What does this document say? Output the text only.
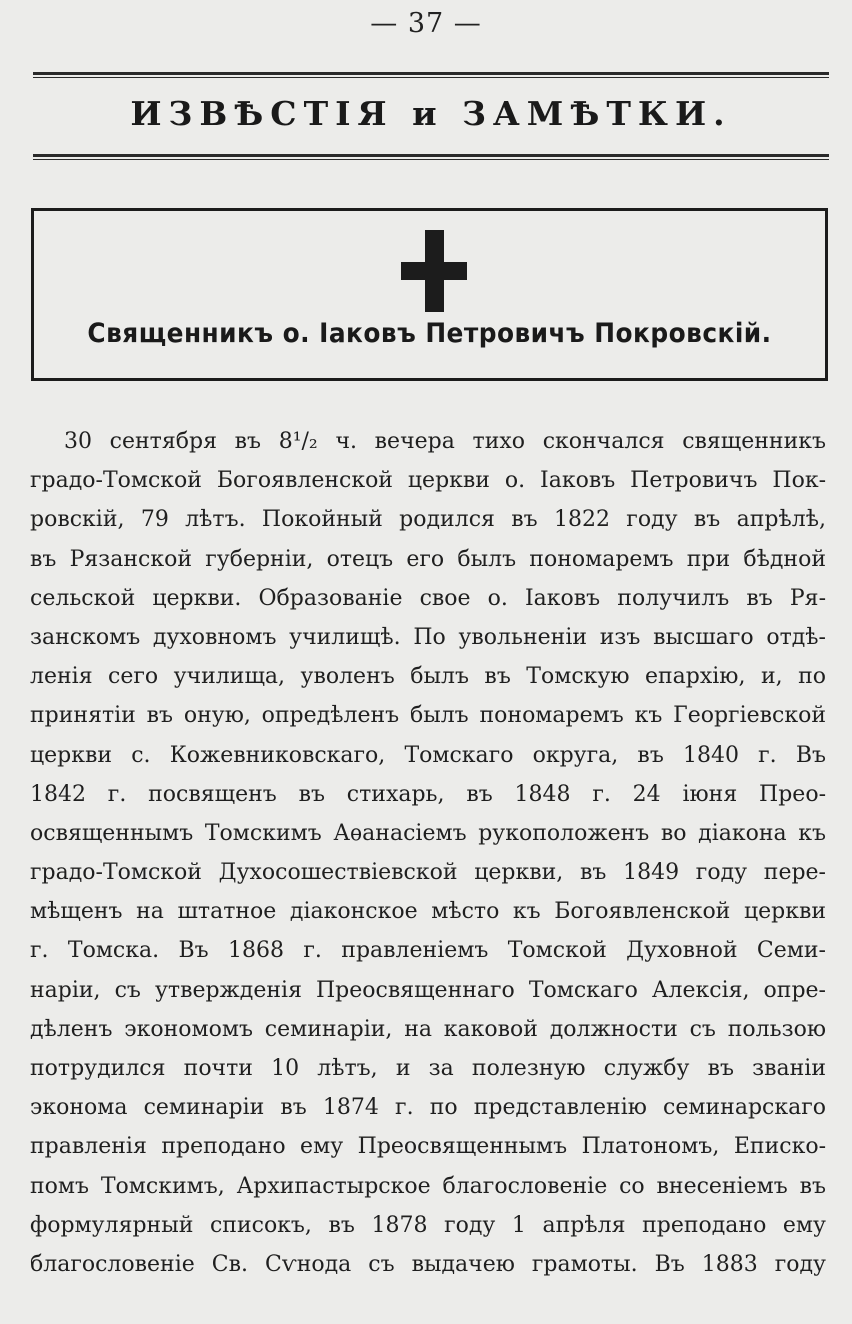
— 37 —
ИЗВѢСТІЯ и ЗАМѢТКИ.
Священникъ о. Іаковъ Петровичъ Покровскій.
30 сентября въ 8¹/₂ ч. вечера тихо скончался священникъ
градо-Томской Богоявленской церкви о. Іаковъ Петровичъ Пок-
ровскій, 79 лѣтъ. Покойный родился въ 1822 году въ апрѣлѣ,
въ Рязанской губерніи, отецъ его былъ пономаремъ при бѣдной
сельской церкви. Образованіе свое о. Іаковъ получилъ въ Ря-
занскомъ духовномъ училищѣ. По увольненіи изъ высшаго отдѣ-
ленія сего училища, уволенъ былъ въ Томскую епархію, и, по
принятіи въ оную, опредѣленъ былъ пономаремъ къ Георгіевской
церкви с. Кожевниковскаго, Томскаго округа, въ 1840 г. Въ
1842 г. посвященъ въ стихарь, въ 1848 г. 24 іюня Прео-
освященнымъ Томскимъ Аѳанасіемъ рукоположенъ во діакона къ
градо-Томской Духосошествіевской церкви, въ 1849 году пере-
мѣщенъ на штатное діаконское мѣсто къ Богоявленской церкви
г. Томска. Въ 1868 г. правленіемъ Томской Духовной Семи-
наріи, съ утвержденія Преосвященнаго Томскаго Алексія, опре-
дѣленъ экономомъ семинаріи, на каковой должности съ пользою
потрудился почти 10 лѣтъ, и за полезную службу въ званіи
эконома семинаріи въ 1874 г. по представленію семинарскаго
правленія преподано ему Преосвященнымъ Платономъ, Еписко-
помъ Томскимъ, Архипастырское благословеніе со внесеніемъ въ
формулярный списокъ, въ 1878 году 1 апрѣля преподано ему
благословеніе Св. Сѵнода съ выдачею грамоты. Въ 1883 году
